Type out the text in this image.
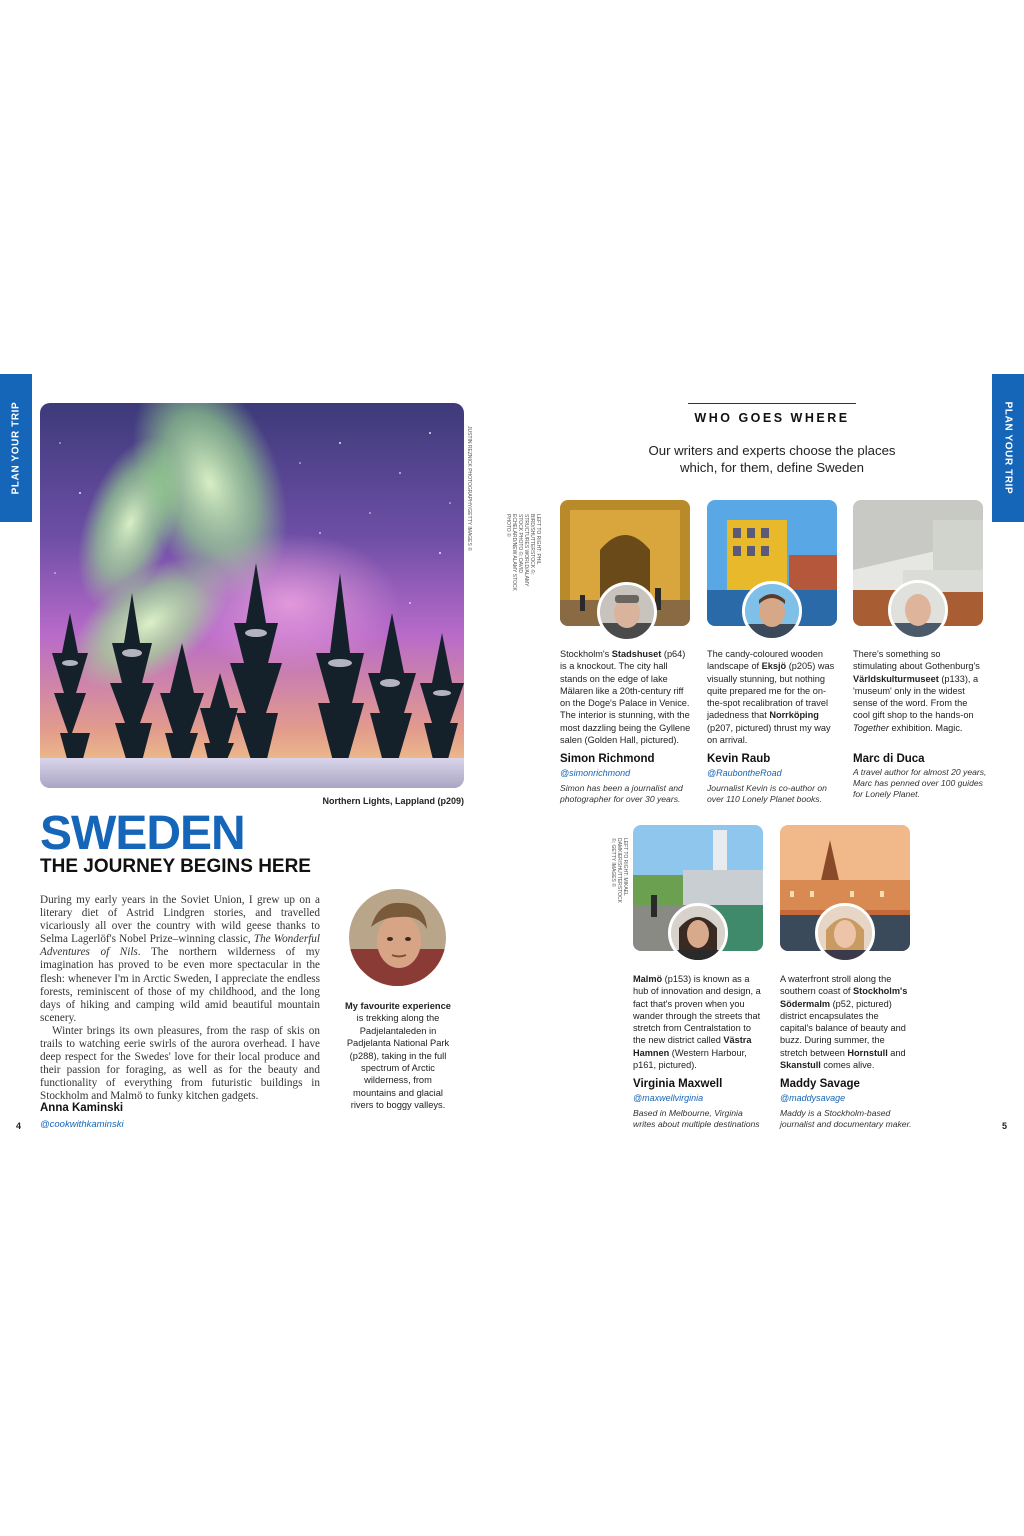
PLAN YOUR TRIP	PLAN YOUR TRIP
JUSTIN REZNICK PHOTOGRAPHY/GETTY IMAGES ©
Northern Lights, Lappland (p209)
SWEDEN
THE JOURNEY BEGINS HERE

During my early years in the Soviet Union, I grew up on a literary diet of Astrid Lindgren stories, and travelled vicariously all over the country with wild geese thanks to Selma Lagerlöf's Nobel Prize–winning classic, The Wonderful Adventures of Nils. The northern wilderness of my imagination has proved to be even more spectacular in the flesh: whenever I'm in Arctic Sweden, I appreciate the endless forests, reminiscent of those of my childhood, and the long days of hiking and camping wild amid beautiful mountain scenery.

Winter brings its own pleasures, from the rasp of skis on trails to watching eerie swirls of the aurora overhead. I have deep respect for the Swedes' love for their local produce and their passion for foraging, as well as for the beauty and functionality of everything from futuristic buildings in Stockholm and Malmö to funky kitchen gadgets.

Anna Kaminski
@cookwithkaminski
4	5
My favourite experience
is trekking along the Padjelantaleden in Padjelanta National Park (p288), taking in the full spectrum of Arctic wilderness, from mountains and glacial rivers to boggy valleys.
WHO GOES WHERE
Our writers and experts choose the places which, for them, define Sweden
LEFT TO RIGHT: PHIL BIRD/SHUTTERSTOCK ©; STRUCTURES WORLD/ALAMY STOCK PHOTO ©; DAVID ECHELARD/NEW ALAMY STOCK PHOTO ©
LEFT TO RIGHT: MIKAEL DAMKIER/SHUTTERSTOCK ©; GETTY IMAGES ©
Stockholm's Stadshuset (p64) is a knockout. The city hall stands on the edge of lake Mälaren like a 20th-century riff on the Doge's Palace in Venice. The interior is stunning, with the most dazzling being the Gyllene salen (Golden Hall, pictured).
Simon Richmond
@simonrichmond
Simon has been a journalist and photographer for over 30 years.
The candy-coloured wooden landscape of Eksjö (p205) was visually stunning, but nothing quite prepared me for the on-the-spot recalibration of travel jadedness that Norrköping (p207, pictured) thrust my way on arrival.
Kevin Raub
@RaubontheRoad
Journalist Kevin is co-author on over 110 Lonely Planet books.
There's something so stimulating about Gothenburg's Världskulturmuseet (p133), a 'museum' only in the widest sense of the word. From the cool gift shop to the hands-on Together exhibition. Magic.
Marc di Duca
A travel author for almost 20 years, Marc has penned over 100 guides for Lonely Planet.
Malmö (p153) is known as a hub of innovation and design, a fact that's proven when you wander through the streets that stretch from Centralstation to the new district called Västra Hamnen (Western Harbour, p161, pictured).
Virginia Maxwell
@maxwellvirginia
Based in Melbourne, Virginia writes about multiple destinations
A waterfront stroll along the southern coast of Stockholm's Södermalm (p52, pictured) district encapsulates the capital's balance of beauty and buzz. During summer, the stretch between Hornstull and Skanstull comes alive.
Maddy Savage
@maddysavage
Maddy is a Stockholm-based journalist and documentary maker.
